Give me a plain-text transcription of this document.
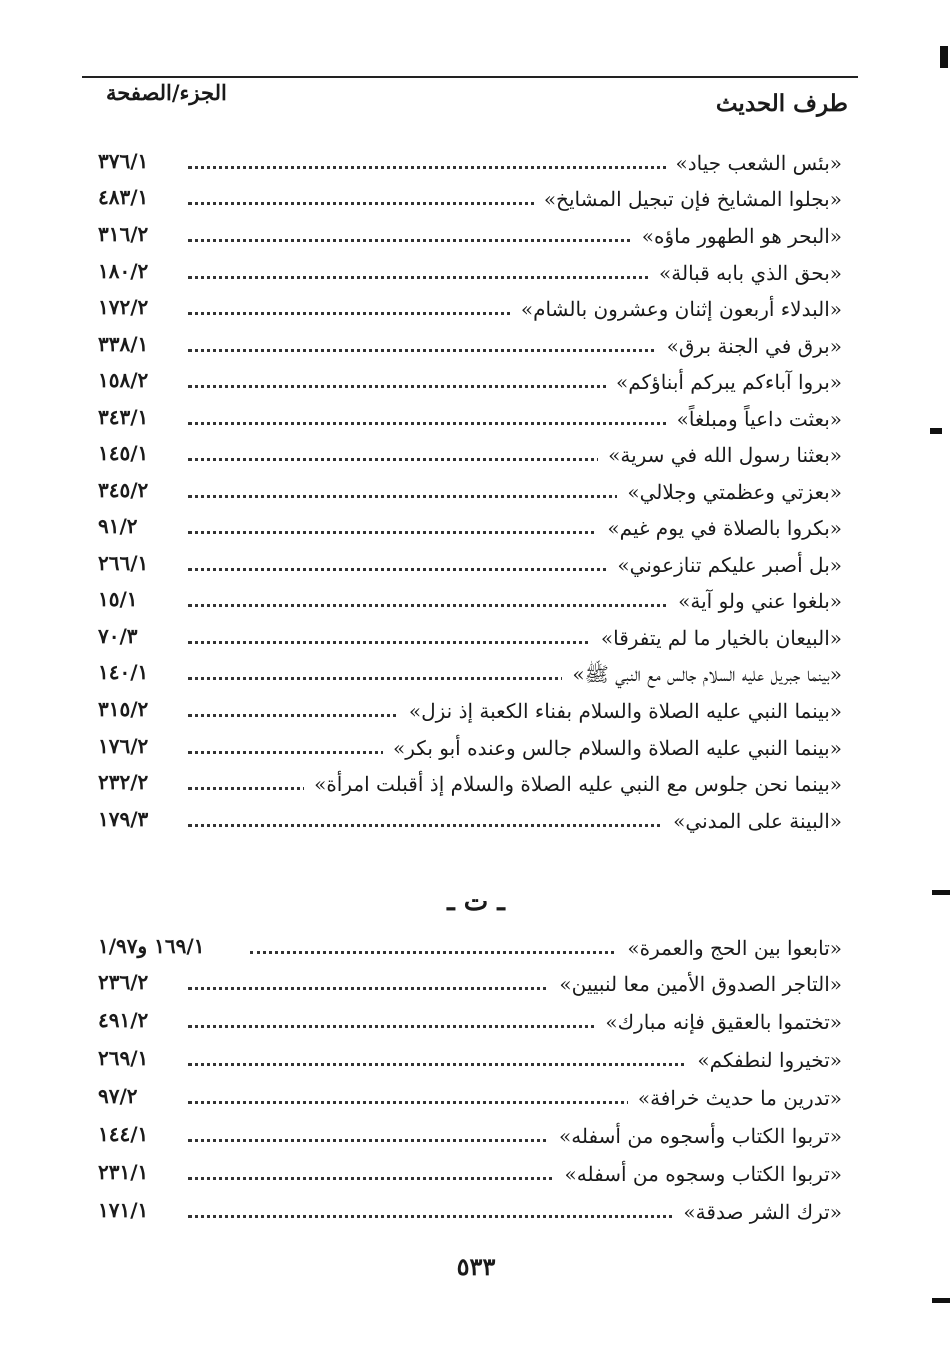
الجزء/الصفحة	طرف الحديث
٣٧٦/١	«بئس الشعب جياد»
٤٨٣/١	«بجلوا المشايخ فإن تبجيل المشايخ»
٣١٦/٢	«البحر هو الطهور ماؤه»
١٨٠/٢	«بحق الذي بابه قبالة»
١٧٢/٢	«البدلاء أربعون إثنان وعشرون بالشام»
٣٣٨/١	«برق في الجنة برق»
١٥٨/٢	«بروا آباءكم يبركم أبناؤكم»
٣٤٣/١	«بعثت داعياً ومبلغاً»
١٤٥/١	«بعثنا رسول الله في سرية»
٣٤٥/٢	«بعزتي وعظمتي وجلالي»
٩١/٢	«بكروا بالصلاة في يوم غيم»
٢٦٦/١	«بل أصبر عليكم تنازعوني»
١٥/١	«بلغوا عني ولو آية»
٧٠/٣	«البيعان بالخيار ما لم يتفرقا»
١٤٠/١	«بينما جبريل عليه السلام جالس مع النبي ﷺ»
٣١٥/٢	«بينما النبي عليه الصلاة والسلام بفناء الكعبة إذ نزل»
١٧٦/٢	«بينما النبي عليه الصلاة والسلام جالس وعنده أبو بكر»
٢٣٢/٢	«بينما نحن جلوس مع النبي عليه الصلاة والسلام إذ أقبلت امرأة»
١٧٩/٣	«البينة على المدني»
ـ ت ـ
١٦٩/١ و١/٩٧	«تابعوا بين الحج والعمرة»
٢٣٦/٢	«التاجر الصدوق الأمين معا لنبيين»
٤٩١/٢	«تختموا بالعقيق فإنه مبارك»
٢٦٩/١	«تخيروا لنطفكم»
٩٧/٢	«تدرين ما حديث خرافة»
١٤٤/١	«تربوا الكتاب وأسجوه من أسفله»
٢٣١/١	«تربوا الكتاب وسجوه من أسفله»
١٧١/١	«ترك الشر صدقة»
٥٣٣
